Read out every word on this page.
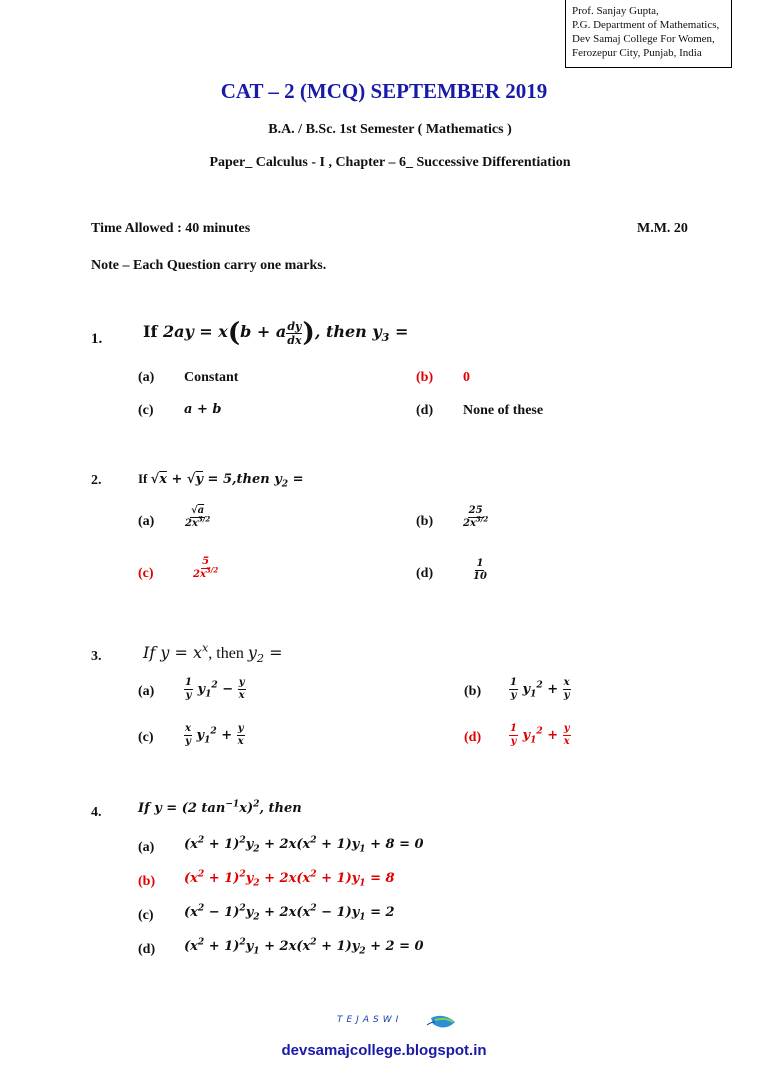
Prof. Sanjay Gupta,
P.G. Department of Mathematics,
Dev Samaj College For Women,
Ferozepur City, Punjab, India
CAT – 2 (MCQ) SEPTEMBER 2019
B.A. / B.Sc. 1st Semester ( Mathematics )
Paper_ Calculus - I , Chapter – 6_ Successive Differentiation
Time Allowed : 40 minutes	M.M. 20
Note – Each Question carry one marks.
1.	If 2ay = x(b + a $\frac{dy}{dx}$ ), then $y_3$ =
(a) Constant	(b) 0
(c) a + b	(d) None of these
2.	If √x + √y = 5,then $y_2$ =
(a)	$\frac{√a}{2x^{3/2}}$	(b)	$\frac{25}{2x^{3/2}}$
(c)	$\frac{5}{2x^{3/2}}$	(d)	$\frac{1}{10}$
3.	If $y = x^x$, then $y_2$ =
(a)	$\frac{1}{y} y_1^2 - \frac{y}{x}$	(b)	$\frac{1}{y} y_1^2 + \frac{x}{y}$
(c)	$\frac{x}{y} y_1^2 + \frac{y}{x}$	(d)	$\frac{1}{y} y_1^2 + \frac{y}{x}$
4.	If y = (2 $\tan^{-1}x)^2$, then
(a) $(x^2 + 1)^2y_2 + 2x(x^2 + 1)y_1 + 8 = 0$
(b) $(x^2 + 1)^2y_2 + 2x(x^2 + 1)y_1 = 8$
(c) $(x^2 - 1)^2y_2 + 2x(x^2 - 1)y_1 = 2$
(d) $(x^2 + 1)^2y_1 + 2x(x^2 + 1)y_2 + 2 = 0$
TEJASWI
devsamajcollege.blogspot.in
